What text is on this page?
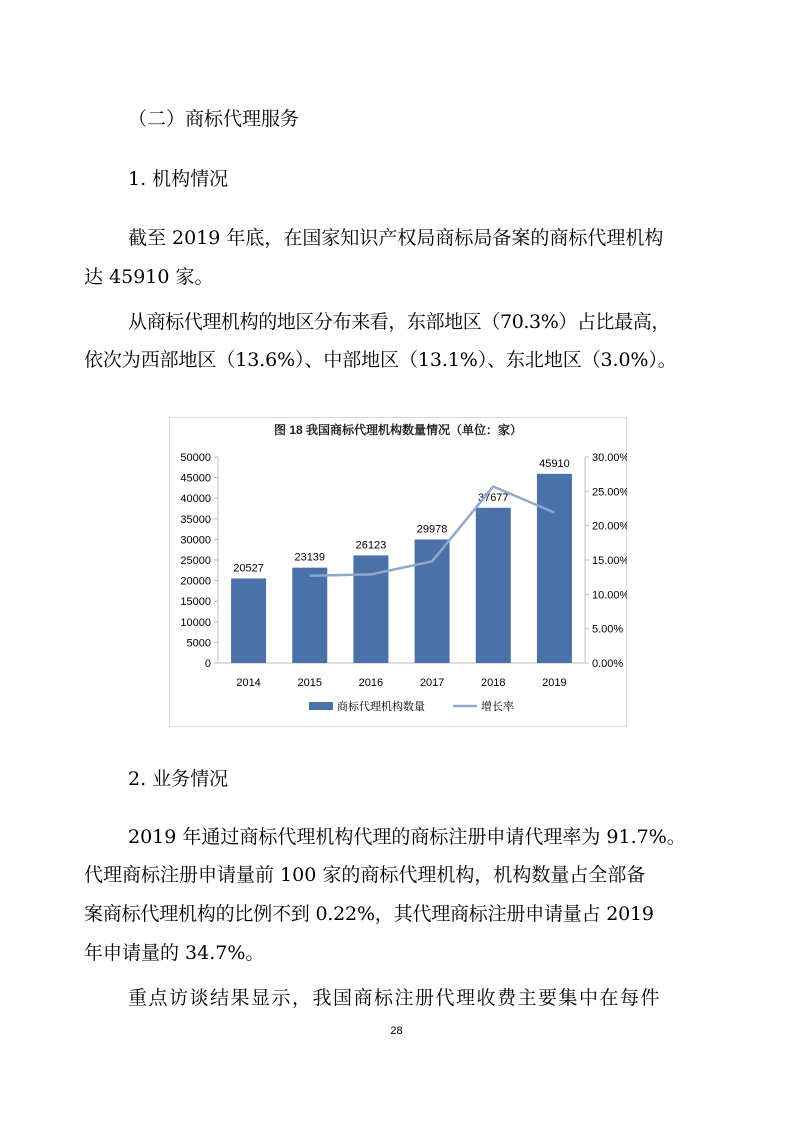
（二）商标代理服务
1. 机构情况
截至 2019 年底，在国家知识产权局商标局备案的商标代理机构
达 45910 家。
从商标代理机构的地区分布来看，东部地区（70.3%）占比最高，
依次为西部地区（13.6%）、中部地区（13.1%）、东北地区（3.0%）。
图 18 我国商标代理机构数量情况（单位：家）
0
5000
10000
15000
20000
25000
30000
35000
40000
45000
50000
0.00%
5.00%
10.00%
15.00%
20.00%
25.00%
30.00%
20527
2014
23139
2015
26123
2016
29978
2017
37677
2018
45910
2019
商标代理机构数量	增长率
2. 业务情况
2019 年通过商标代理机构代理的商标注册申请代理率为 91.7%。
代理商标注册申请量前 100 家的商标代理机构，机构数量占全部备
案商标代理机构的比例不到 0.22%，其代理商标注册申请量占 2019
年申请量的 34.7%。
重点访谈结果显示，我国商标注册代理收费主要集中在每件
28
